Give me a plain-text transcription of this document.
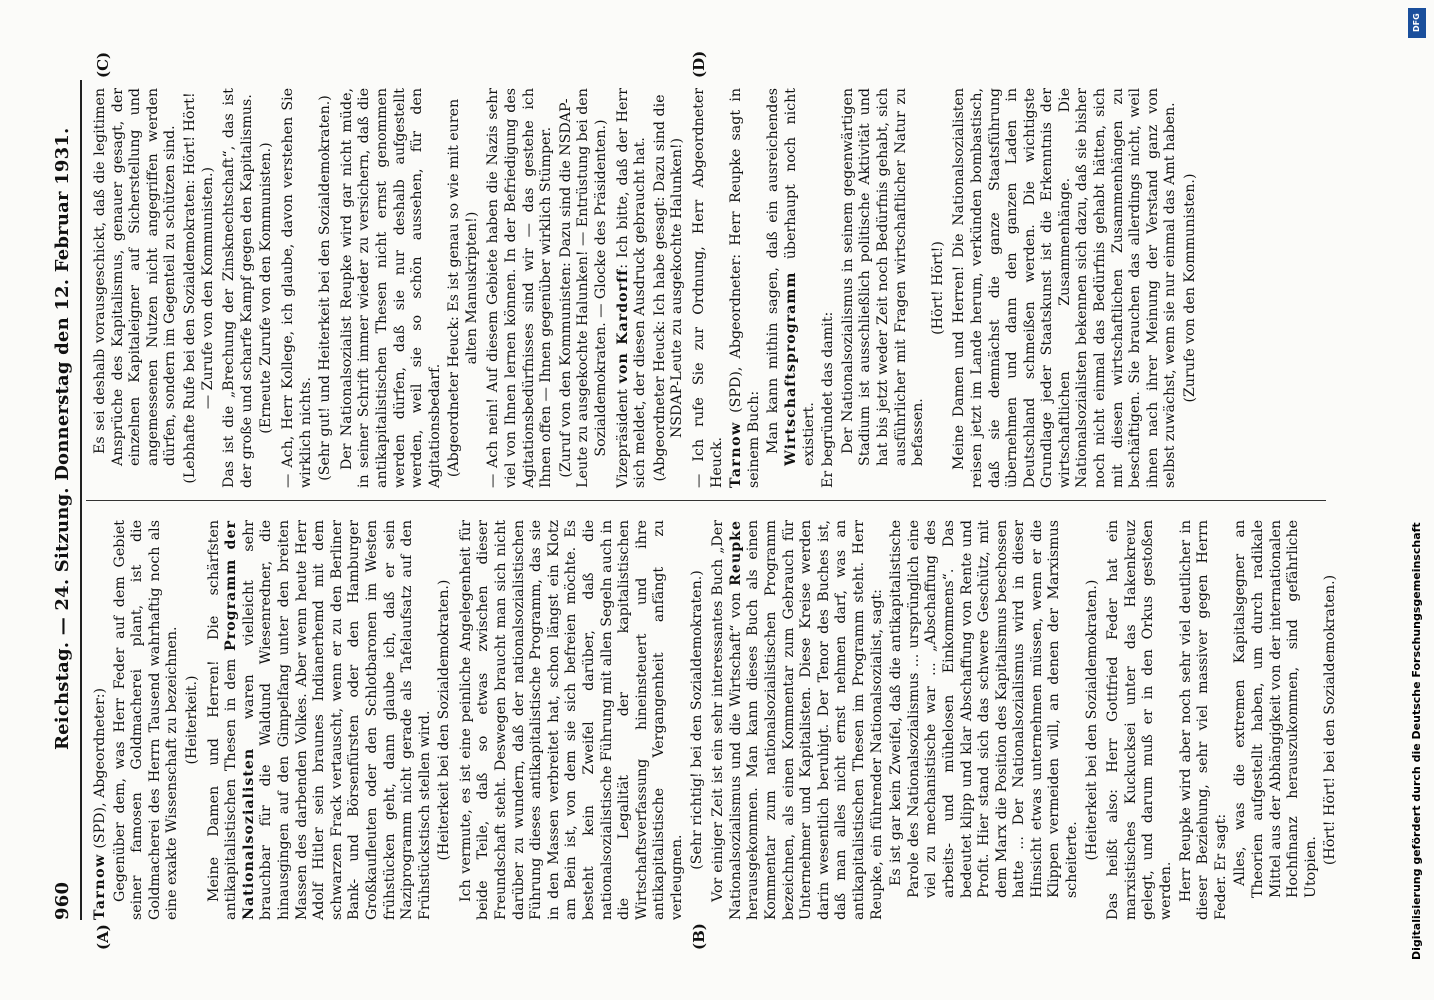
960
Reichstag. — 24. Sitzung. Donnerstag den 12. Februar 1931.

Tarnow (SPD), Abgeordneter:) Gegenüber dem, was Herr Feder auf dem Gebiet seiner famosen Goldmacherei plant, ist die Goldmacherei des Herrn Tausend wahrhaftig noch als eine exakte Wissenschaft zu bezeichnen. (Heiterkeit.) Meine Damen und Herren! Die schärfsten antikapitalistischen Thesen in dem Programm der Nationalsozialisten waren vielleicht sehr brauchbar für die Waldund Wiesenredner, die hinausgingen auf den Gimpelfang unter den breiten Massen des darbenden Volkes. Aber wenn heute Herr Adolf Hitler sein braunes Indianerhemd mit dem schwarzen Frack vertauscht, wenn er zu den Berliner Bank- und Börsenfürsten oder den Hamburger Großkaufleuten oder den Schlotbaronen im Westen frühstücken geht, dann glaube ich, daß er sein Naziprogramm nicht gerade als Tafelaufsatz auf den Frühstückstisch stellen wird. (Heiterkeit bei den Sozialdemokraten.) Ich vermute, es ist eine peinliche Angelegenheit für beide Teile, daß so etwas zwischen dieser Freundschaft steht. Deswegen braucht man sich nicht darüber zu wundern, daß der nationalsozialistischen Führung dieses antikapitalistische Programm, das sie in den Massen verbreitet hat, schon längst ein Klotz am Bein ist, von dem sie sich befreien möchte. Es besteht kein Zweifel darüber, daß die nationalsozialistische Führung mit allen Segeln auch in die Legalität der kapitalistischen Wirtschaftsverfassung hineinsteuert und ihre antikapitalistische Vergangenheit anfängt zu verleugnen.

(Sehr richtig! bei den Sozialdemokraten.) Vor einiger Zeit ist ein sehr interessantes Buch „Der Nationalsozialismus und die Wirtschaft“ von Reupke herausgekommen. Man kann dieses Buch als einen Kommentar zum nationalsozialistischen Programm bezeichnen, als einen Kommentar zum Gebrauch für Unternehmer und Kapitalisten. Diese Kreise werden darin wesentlich beruhigt. Der Tenor des Buches ist, daß man alles nicht ernst nehmen darf, was an antikapitalistischen Thesen im Programm steht. Herr Reupke, ein führender Nationalsozialist, sagt: Es ist gar kein Zweifel, daß die antikapitalistische Parole des Nationalsozialismus ... ursprünglich eine viel zu mechanistische war ... „Abschaffung des arbeits- und mühelosen Einkommens“. Das bedeutet klipp und klar Abschaffung von Rente und Profit. Hier stand sich das schwere Geschütz, mit dem Marx die Position des Kapitalismus beschossen hatte ... Der Nationalsozialismus wird in dieser Hinsicht etwas unternehmen müssen, wenn er die Klippen vermeiden will, an denen der Marxismus scheiterte. (Heiterkeit bei den Sozialdemokraten.) Das heißt also: Herr Gottfried Feder hat ein marxistisches Kuckucksei unter das Hakenkreuz gelegt, und darum muß er in den Orkus gestoßen werden. Herr Reupke wird aber noch sehr viel deutlicher in dieser Beziehung, sehr viel massiver gegen Herrn Feder. Er sagt: Alles, was die extremen Kapitalsgegner an Theorien aufgestellt haben, um durch radikale Mittel aus der Abhängigkeit von der internationalen Hochfinanz herauszukommen, sind gefährliche Utopien.

(Hört! Hört! bei den Sozialdemokraten.)

Es sei deshalb vorausgeschickt, daß die legitimen Ansprüche des Kapitalismus, genauer gesagt, der einzelnen Kapitaleigner auf Sicherstellung und angemessenen Nutzen nicht angegriffen werden dürfen, sondern im Gegenteil zu schützen sind. (Lebhafte Rufe bei den Sozialdemokraten: Hört! Hört! — Zurufe von den Kommunisten.) Das ist die „Brechung der Zinsknechtschaft“, das ist der große und scharfe Kampf gegen den Kapitalismus. (Erneute Zurufe von den Kommunisten.) — Ach, Herr Kollege, ich glaube, davon verstehen Sie wirklich nichts. (Sehr gut! und Heiterkeit bei den Sozialdemokraten.) Der Nationalsozialist Reupke wird gar nicht müde, in seiner Schrift immer wieder zu versichern, daß die antikapitalistischen Thesen nicht ernst genommen werden dürfen, daß sie nur deshalb aufgestellt werden, weil sie so schön aussehen, für den Agitationsbedarf. (Abgeordneter Heuck: Es ist genau so wie mit euren alten Manuskripten!) — Ach nein! Auf diesem Gebiete haben die Nazis sehr viel von Ihnen lernen können. In der Befriedigung des Agitationsbedürfnisses sind wir — das gestehe ich Ihnen offen — Ihnen gegenüber wirklich Stümper. (Zuruf von den Kommunisten: Dazu sind die NSDAP-Leute zu ausgekochte Halunken! — Entrüstung bei den Sozialdemokraten. — Glocke des Präsidenten.) Vizepräsident von Kardorff: Ich bitte, daß der Herr sich meldet, der diesen Ausdruck gebraucht hat. (Abgeordneter Heuck: Ich habe gesagt: Dazu sind die NSDAP-Leute zu ausgekochte Halunken!) — Ich rufe Sie zur Ordnung, Herr Abgeordneter Heuck. Tarnow (SPD), Abgeordneter: Herr Reupke sagt in seinem Buch: Man kann mithin sagen, daß ein ausreichendes Wirtschaftsprogramm überhaupt noch nicht existiert. Er begründet das damit: Der Nationalsozialismus in seinem gegenwärtigen Stadium ist ausschließlich politische Aktivität und hat bis jetzt weder Zeit noch Bedürfnis gehabt, sich ausführlicher mit Fragen wirtschaftlicher Natur zu befassen.

(Hört! Hört!) Meine Damen und Herren! Die Nationalsozialisten reisen jetzt im Lande herum, verkünden bombastisch, daß sie demnächst die ganze Staatsführung übernehmen und dann den ganzen Laden in Deutschland schmeißen werden. Die wichtigste Grundlage jeder Staatskunst ist die Erkenntnis der wirtschaftlichen Zusammenhänge. Die Nationalsozialisten bekennen sich dazu, daß sie bisher noch nicht einmal das Bedürfnis gehabt hätten, sich mit diesen wirtschaftlichen Zusammenhängen zu beschäftigen. Sie brauchen das allerdings nicht, weil ihnen nach ihrer Meinung der Verstand ganz von selbst zuwächst, wenn sie nur einmal das Amt haben. (Zurufe von den Kommunisten.)

(A)	(B)
(C)	(D)
DFG
Digitalisierung gefördert durch die Deutsche Forschungsgemeinschaft
